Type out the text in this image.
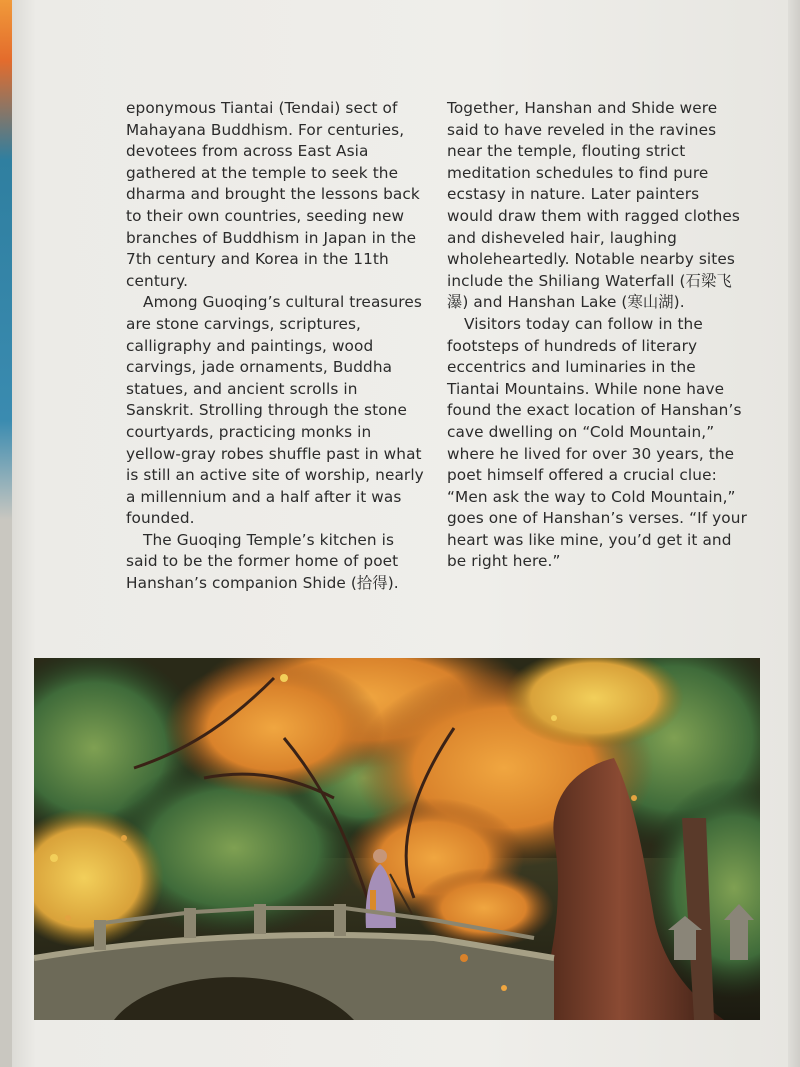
eponymous Tiantai (Tendai) sect of Mahayana Buddhism. For centuries, devotees from across East Asia gathered at the temple to seek the dharma and brought the lessons back to their own countries, seeding new branches of Buddhism in Japan in the 7th century and Korea in the 11th century.

Among Guoqing’s cultural treasures are stone carvings, scriptures, calligraphy and paintings, wood carvings, jade ornaments, Buddha statues, and ancient scrolls in Sanskrit. Strolling through the stone courtyards, practicing monks in yellow-gray robes shuffle past in what is still an active site of worship, nearly a millennium and a half after it was founded.

The Guoqing Temple’s kitchen is said to be the former home of poet Hanshan’s companion Shide (拾得).

Together, Hanshan and Shide were said to have reveled in the ravines near the temple, flouting strict meditation schedules to find pure ecstasy in nature. Later painters would draw them with ragged clothes and disheveled hair, laughing wholeheartedly. Notable nearby sites include the Shiliang Waterfall (石梁飞瀑) and Hanshan Lake (寒山湖).

Visitors today can follow in the footsteps of hundreds of literary eccentrics and luminaries in the Tiantai Mountains. While none have found the exact location of Hanshan’s cave dwelling on “Cold Mountain,” where he lived for over 30 years, the poet himself offered a crucial clue: “Men ask the way to Cold Mountain,” goes one of Hanshan’s verses. “If your heart was like mine, you’d get it and be right here.”
